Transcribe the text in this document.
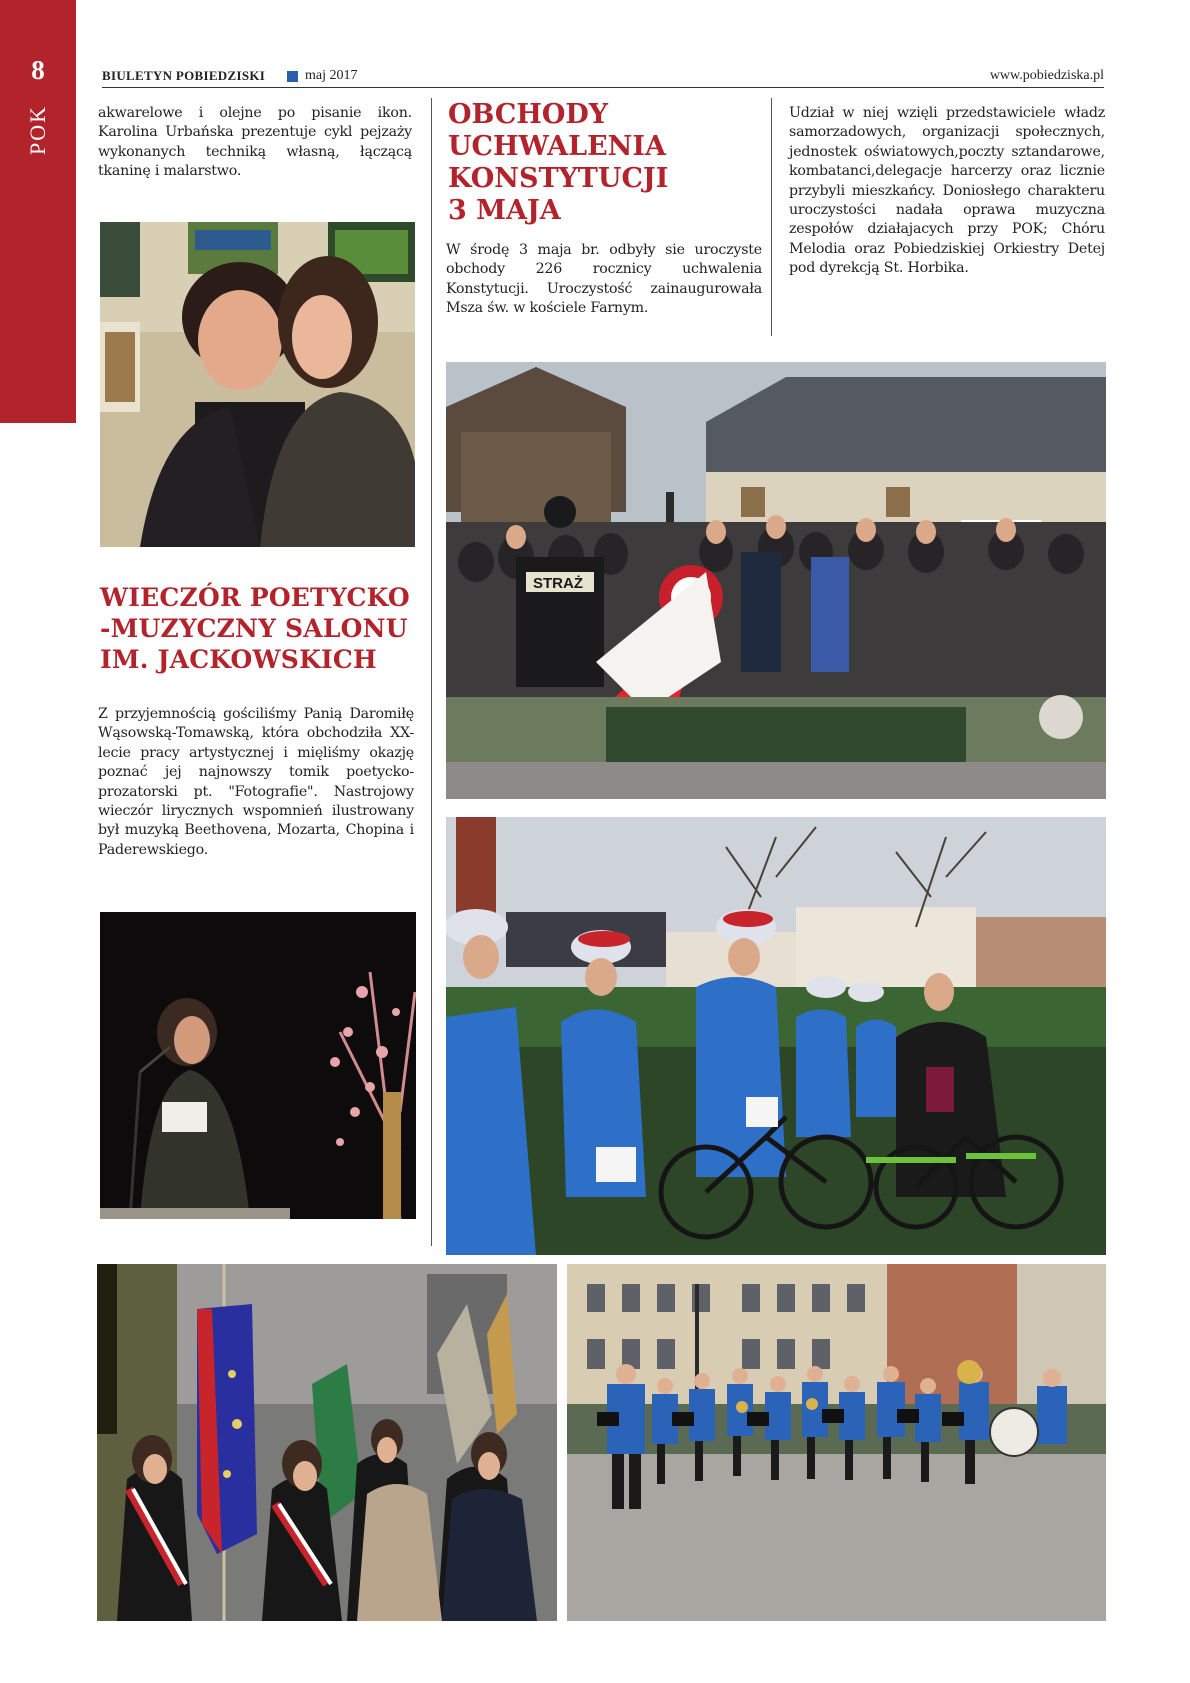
8
POK
BIULETYN POBIEDZISKI	maj 2017	www.pobiedziska.pl
akwarelowe i olejne po pisanie ikon. Karolina Urbańska prezentuje cykl pejzaży wykonanych techniką własną, łączącą tkaninę i malarstwo.
WIECZÓR POETYCKO
-MUZYCZNY SALONU
IM. JACKOWSKICH
Z przyjemnością gościliśmy Panią Daromiłę Wąsowską-Tomawską, która obchodziła XX-lecie pracy artystycznej i mięliśmy okazję poznać jej najnowszy tomik poetycko-prozatorski pt. "Fotografie". Nastrojowy wieczór lirycznych wspomnień ilustrowany był muzyką Beethovena, Mozarta, Chopina i Paderewskiego.
OBCHODY
UCHWALENIA
KONSTYTUCJI
3 MAJA
W środę 3 maja br. odbyły sie uroczyste obchody 226 rocznicy uchwalenia Konstytucji. Uroczystość zainaugurowała Msza św. w kościele Farnym.
Udział w niej wzięli przedstawiciele władz samorzadowych, organizacji społecznych, jednostek oświatowych,poczty sztandarowe, kombatanci,delegacje harcerzy oraz licznie przybyli mieszkańcy. Doniosłego charakteru uroczystości nadała oprawa muzyczna zespołów działajacych przy POK; Chóru Melodia oraz Pobiedziskiej Orkiestry Detej pod dyrekcją St. Horbika.
STRAŻ
